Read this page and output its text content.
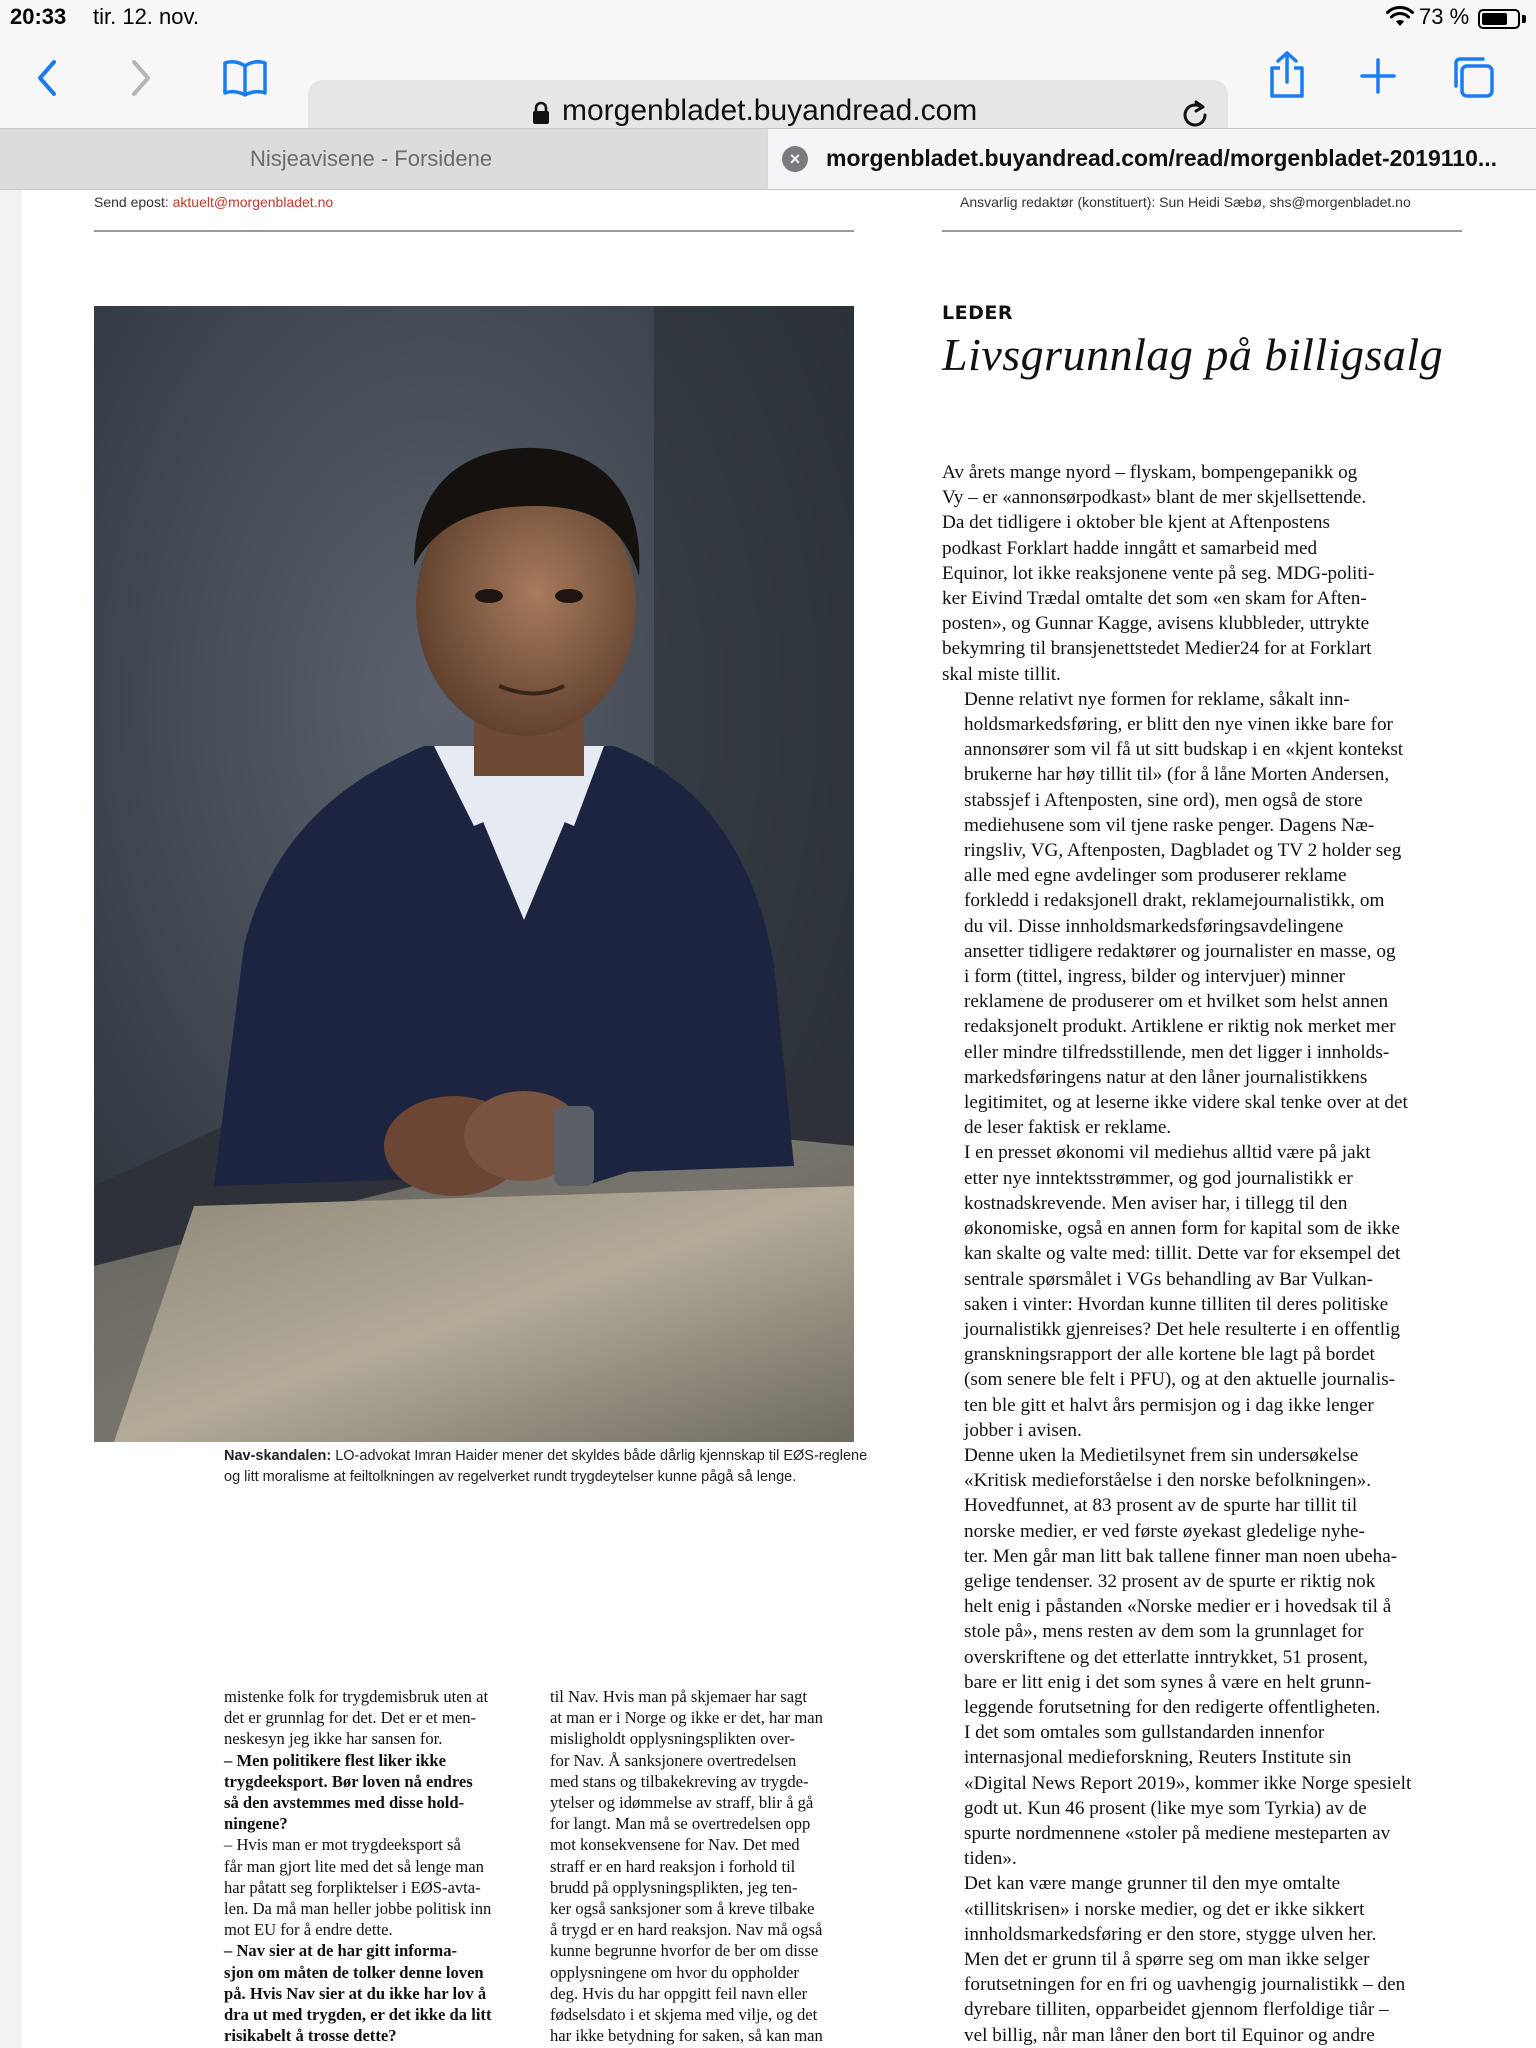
20:33 tir. 12. nov.	73 %
morgenbladet.buyandread.com
Nisjeavisene - Forsidene	×	morgenbladet.buyandread.com/read/morgenbladet-2019110...
Send epost: aktuelt@morgenbladet.no	Ansvarlig redaktør (konstituert): Sun Heidi Sæbø, shs@morgenbladet.no
Nav-skandalen: LO-advokat Imran Haider mener det skyldes både dårlig kjennskap til EØS-reglene
og litt moralisme at feiltolkningen av regelverket rundt trygdeytelser kunne pågå så lenge.
LEDER
Livsgrunnlag på billigsalg

Av årets mange nyord – flyskam, bompengepanikk og
Vy – er «annonsørpodkast» blant de mer skjellsettende.
Da det tidligere i oktober ble kjent at Aftenpostens
podkast Forklart hadde inngått et samarbeid med
Equinor, lot ikke reaksjonene vente på seg. MDG-politi-
ker Eivind Trædal omtalte det som «en skam for Aften-
posten», og Gunnar Kagge, avisens klubbleder, uttrykte
bekymring til bransjenettstedet Medier24 for at Forklart
skal miste tillit.

Denne relativt nye formen for reklame, såkalt inn-
holdsmarkedsføring, er blitt den nye vinen ikke bare for
annonsører som vil få ut sitt budskap i en «kjent kontekst
brukerne har høy tillit til» (for å låne Morten Andersen,
stabssjef i Aftenposten, sine ord), men også de store
mediehusene som vil tjene raske penger. Dagens Næ-
ringsliv, VG, Aftenposten, Dagbladet og TV 2 holder seg
alle med egne avdelinger som produserer reklame
forkledd i redaksjonell drakt, reklamejournalistikk, om
du vil. Disse innholdsmarkedsføringsavdelingene
ansetter tidligere redaktører og journalister en masse, og
i form (tittel, ingress, bilder og intervjuer) minner
reklamene de produserer om et hvilket som helst annen
redaksjonelt produkt. Artiklene er riktig nok merket mer
eller mindre tilfredsstillende, men det ligger i innholds-
markedsføringens natur at den låner journalistikkens
legitimitet, og at leserne ikke videre skal tenke over at det
de leser faktisk er reklame.

I en presset økonomi vil mediehus alltid være på jakt
etter nye inntektsstrømmer, og god journalistikk er
kostnadskrevende. Men aviser har, i tillegg til den
økonomiske, også en annen form for kapital som de ikke
kan skalte og valte med: tillit. Dette var for eksempel det
sentrale spørsmålet i VGs behandling av Bar Vulkan-
saken i vinter: Hvordan kunne tilliten til deres politiske
journalistikk gjenreises? Det hele resulterte i en offentlig
granskningsrapport der alle kortene ble lagt på bordet
(som senere ble felt i PFU), og at den aktuelle journalis-
ten ble gitt et halvt års permisjon og i dag ikke lenger
jobber i avisen.

Denne uken la Medietilsynet frem sin undersøkelse
«Kritisk medieforståelse i den norske befolkningen».
Hovedfunnet, at 83 prosent av de spurte har tillit til
norske medier, er ved første øyekast gledelige nyhe-
ter. Men går man litt bak tallene finner man noen ubeha-
gelige tendenser. 32 prosent av de spurte er riktig nok
helt enig i påstanden «Norske medier er i hovedsak til å
stole på», mens resten av dem som la grunnlaget for
overskriftene og det etterlatte inntrykket, 51 prosent,
bare er litt enig i det som synes å være en helt grunn-
leggende forutsetning for den redigerte offentligheten.

I det som omtales som gullstandarden innenfor
internasjonal medieforskning, Reuters Institute sin
«Digital News Report 2019», kommer ikke Norge spesielt
godt ut. Kun 46 prosent (like mye som Tyrkia) av de
spurte nordmennene «stoler på mediene mesteparten av
tiden».

Det kan være mange grunner til den mye omtalte
«tillitskrisen» i norske medier, og det er ikke sikkert
innholdsmarkedsføring er den store, stygge ulven her.
Men det er grunn til å spørre seg om man ikke selger
forutsetningen for en fri og uavhengig journalistikk – den
dyrebare tilliten, opparbeidet gjennom flerfoldige tiår –
vel billig, når man låner den bort til Equinor og andre

mistenke folk for trygdemisbruk uten at
det er grunnlag for det. Det er et men-
neskesyn jeg ikke har sansen for.
– Men politikere flest liker ikke
trygdeeksport. Bør loven nå endres
så den avstemmes med disse hold-
ningene?
– Hvis man er mot trygdeeksport så
får man gjort lite med det så lenge man
har påtatt seg forpliktelser i EØS-avta-
len. Da må man heller jobbe politisk inn
mot EU for å endre dette.
– Nav sier at de har gitt informa-
sjon om måten de tolker denne loven
på. Hvis Nav sier at du ikke har lov å
dra ut med trygden, er det ikke da litt
risikabelt å trosse dette?
til Nav. Hvis man på skjemaer har sagt
at man er i Norge og ikke er det, har man
misligholdt opplysningsplikten over-
for Nav. Å sanksjonere overtredelsen
med stans og tilbakekreving av trygde-
ytelser og idømmelse av straff, blir å gå
for langt. Man må se overtredelsen opp
mot konsekvensene for Nav. Det med
straff er en hard reaksjon i forhold til
brudd på opplysningsplikten, jeg ten-
ker også sanksjoner som å kreve tilbake
å trygd er en hard reaksjon. Nav må også
kunne begrunne hvorfor de ber om disse
opplysningene om hvor du oppholder
deg. Hvis du har oppgitt feil navn eller
fødselsdato i et skjema med vilje, og det
har ikke betydning for saken, så kan man
